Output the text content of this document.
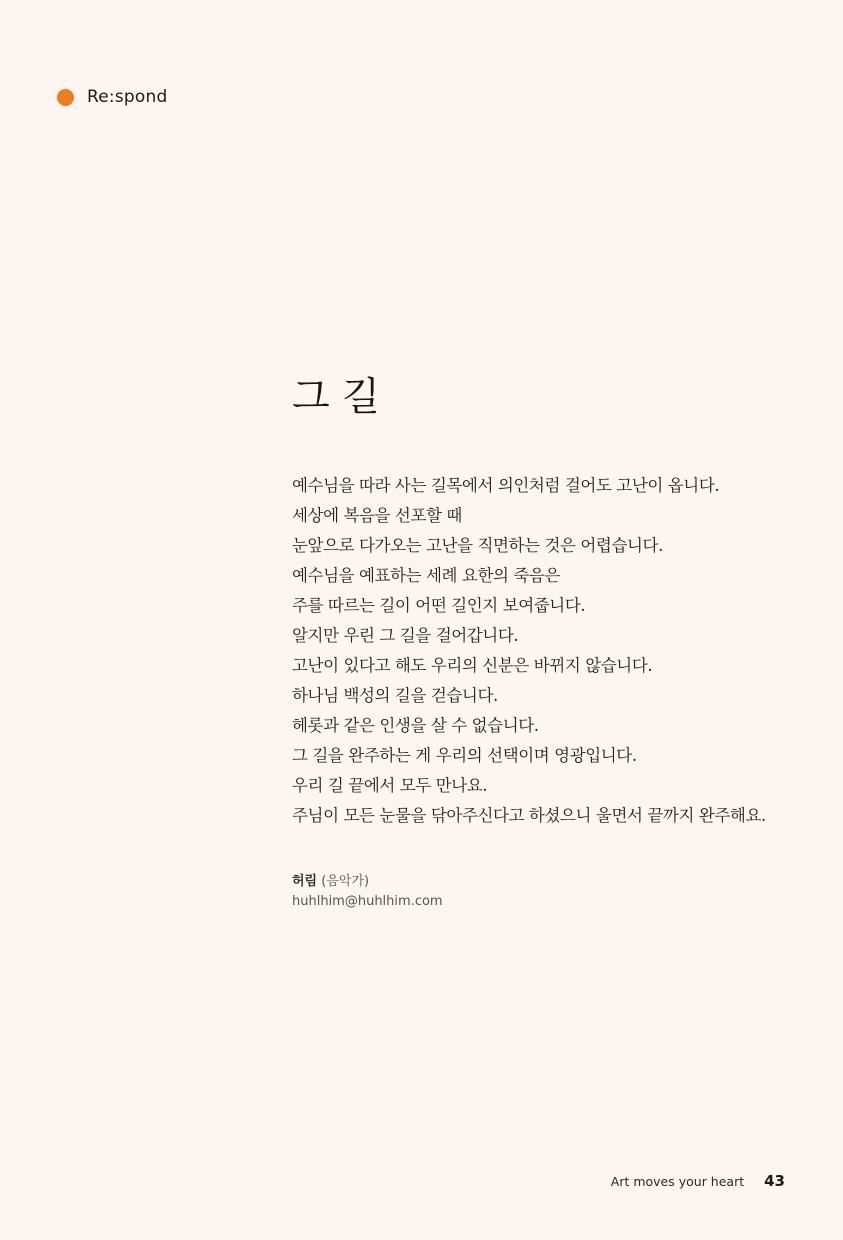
Re:spond
그 길
예수님을 따라 사는 길목에서 의인처럼 걸어도 고난이 옵니다.
세상에 복음을 선포할 때
눈앞으로 다가오는 고난을 직면하는 것은 어렵습니다.
예수님을 예표하는 세례 요한의 죽음은
주를 따르는 길이 어떤 길인지 보여줍니다.
알지만 우린 그 길을 걸어갑니다.
고난이 있다고 해도 우리의 신분은 바뀌지 않습니다.
하나님 백성의 길을 걷습니다.
헤롯과 같은 인생을 살 수 없습니다.
그 길을 완주하는 게 우리의 선택이며 영광입니다.
우리 길 끝에서 모두 만나요.
주님이 모든 눈물을 닦아주신다고 하셨으니 울면서 끝까지 완주해요.
허림 (음악가)
huhlhim@huhlhim.com
Art moves your heart 43
